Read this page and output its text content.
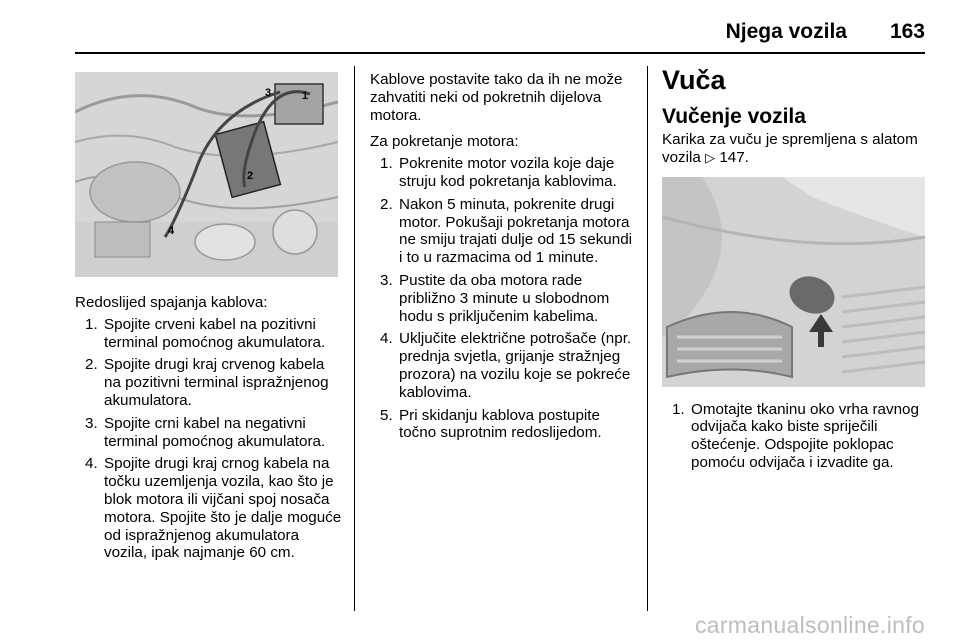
Njega vozila 163
1
2
3
4

Redoslijed spajanja kablova:

1. Spojite crveni kabel na pozitivni terminal pomoćnog akumulatora.
2. Spojite drugi kraj crvenog kabela na pozitivni terminal ispražnjenog akumulatora.
3. Spojite crni kabel na negativni terminal pomoćnog akumulatora.
4. Spojite drugi kraj crnog kabela na točku uzemljenja vozila, kao što je blok motora ili vijčani spoj nosača motora. Spojite što je dalje moguće od ispražnjenog akumulatora vozila, ipak najmanje 60 cm.

Kablove postavite tako da ih ne može zahvatiti neki od pokretnih dijelova motora.

Za pokretanje motora:

1. Pokrenite motor vozila koje daje struju kod pokretanja kablovima.
2. Nakon 5 minuta, pokrenite drugi motor. Pokušaji pokretanja motora ne smiju trajati dulje od 15 sekundi i to u razmacima od 1 minute.
3. Pustite da oba motora rade približno 3 minute u slobodnom hodu s priključenim kabelima.
4. Uključite električne potrošače (npr. prednja svjetla, grijanje stražnjeg prozora) na vozilu koje se pokreće kablovima.
5. Pri skidanju kablova postupite točno suprotnim redoslijedom.
Vuča
Vučenje vozila

Karika za vuču je spremljena s alatom vozila ▷ 147.

1. Omotajte tkaninu oko vrha ravnog odvijača kako biste spriječili oštećenje. Odspojite poklopac pomoću odvijača i izvadite ga.
carmanualsonline.info
